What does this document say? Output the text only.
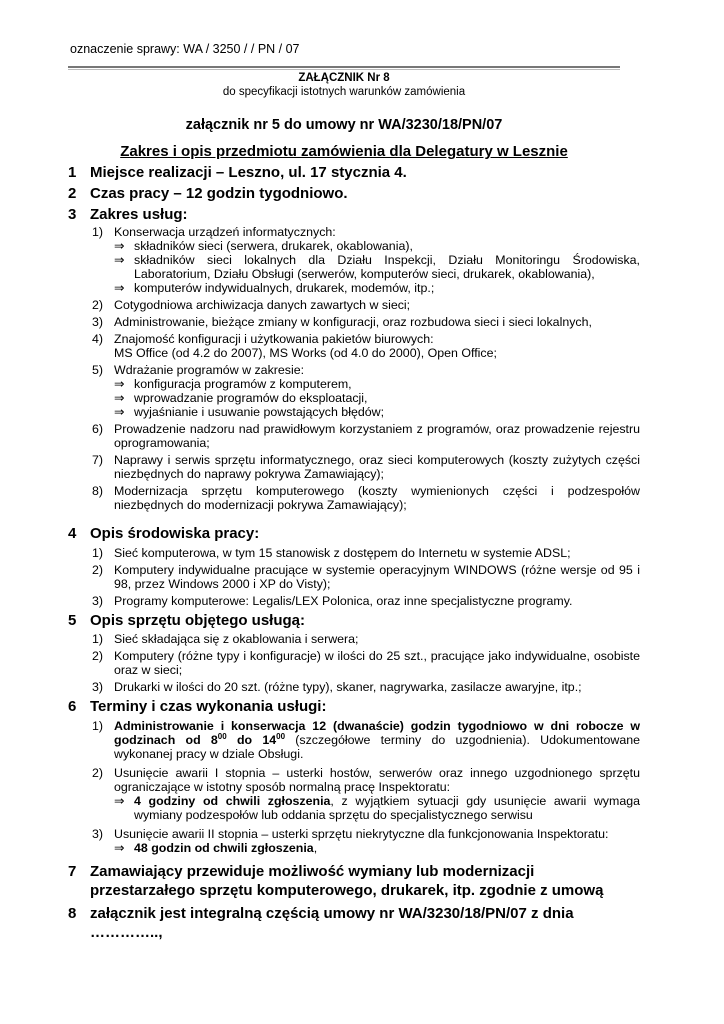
oznaczenie sprawy: WA / 3250 / / PN / 07
ZAŁĄCZNIK Nr 8
do specyfikacji istotnych warunków zamówienia
załącznik nr 5 do umowy nr WA/3230/18/PN/07
Zakres i opis przedmiotu zamówienia dla Delegatury w Lesznie
1 Miejsce realizacji – Leszno, ul. 17 stycznia 4.
2 Czas pracy – 12 godzin tygodniowo.
3 Zakres usług:
1) Konserwacja urządzeń informatycznych:
⇒ składników sieci (serwera, drukarek, okablowania),
⇒ składników sieci lokalnych dla Działu Inspekcji, Działu Monitoringu Środowiska, Laboratorium, Działu Obsługi (serwerów, komputerów sieci, drukarek, okablowania),
⇒ komputerów indywidualnych, drukarek, modemów, itp.;
2) Cotygodniowa archiwizacja danych zawartych w sieci;
3) Administrowanie, bieżące zmiany w konfiguracji, oraz rozbudowa sieci i sieci lokalnych,
4) Znajomość konfiguracji i użytkowania pakietów biurowych:
MS Office (od 4.2 do 2007), MS Works (od 4.0 do 2000), Open Office;
5) Wdrażanie programów w zakresie:
⇒ konfiguracja programów z komputerem,
⇒ wprowadzanie programów do eksploatacji,
⇒ wyjaśnianie i usuwanie powstających błędów;
6) Prowadzenie nadzoru nad prawidłowym korzystaniem z programów, oraz prowadzenie rejestru oprogramowania;
7) Naprawy i serwis sprzętu informatycznego, oraz sieci komputerowych (koszty zużytych części niezbędnych do naprawy pokrywa Zamawiający);
8) Modernizacja sprzętu komputerowego (koszty wymienionych części i podzespołów niezbędnych do modernizacji pokrywa Zamawiający);
4 Opis środowiska pracy:
1) Sieć komputerowa, w tym 15 stanowisk z dostępem do Internetu w systemie ADSL;
2) Komputery indywidualne pracujące w systemie operacyjnym WINDOWS (różne wersje od 95 i 98, przez Windows 2000 i XP do Visty);
3) Programy komputerowe: Legalis/LEX Polonica, oraz inne specjalistyczne programy.
5 Opis sprzętu objętego usługą:
1) Sieć składająca się z okablowania i serwera;
2) Komputery (różne typy i konfiguracje) w ilości do 25 szt., pracujące jako indywidualne, osobiste oraz w sieci;
3) Drukarki w ilości do 20 szt. (różne typy), skaner, nagrywarka, zasilacze awaryjne, itp.;
6 Terminy i czas wykonania usługi:
1) Administrowanie i konserwacja 12 (dwanaście) godzin tygodniowo w dni robocze w godzinach od $8^{00}$ do $14^{00}$ (szczegółowe terminy do uzgodnienia). Udokumentowane wykonanej pracy w dziale Obsługi.
2) Usunięcie awarii I stopnia – usterki hostów, serwerów oraz innego uzgodnionego sprzętu ograniczające w istotny sposób normalną pracę Inspektoratu:
⇒ 4 godziny od chwili zgłoszenia, z wyjątkiem sytuacji gdy usunięcie awarii wymaga wymiany podzespołów lub oddania sprzętu do specjalistycznego serwisu
3) Usunięcie awarii II stopnia – usterki sprzętu niekrytyczne dla funkcjonowania Inspektoratu:
⇒ 48 godzin od chwili zgłoszenia,
7 Zamawiający przewiduje możliwość wymiany lub modernizacji przestarzałego sprzętu komputerowego, drukarek, itp. zgodnie z umową
8 załącznik jest integralną częścią umowy nr WA/3230/18/PN/07 z dnia …………..,
